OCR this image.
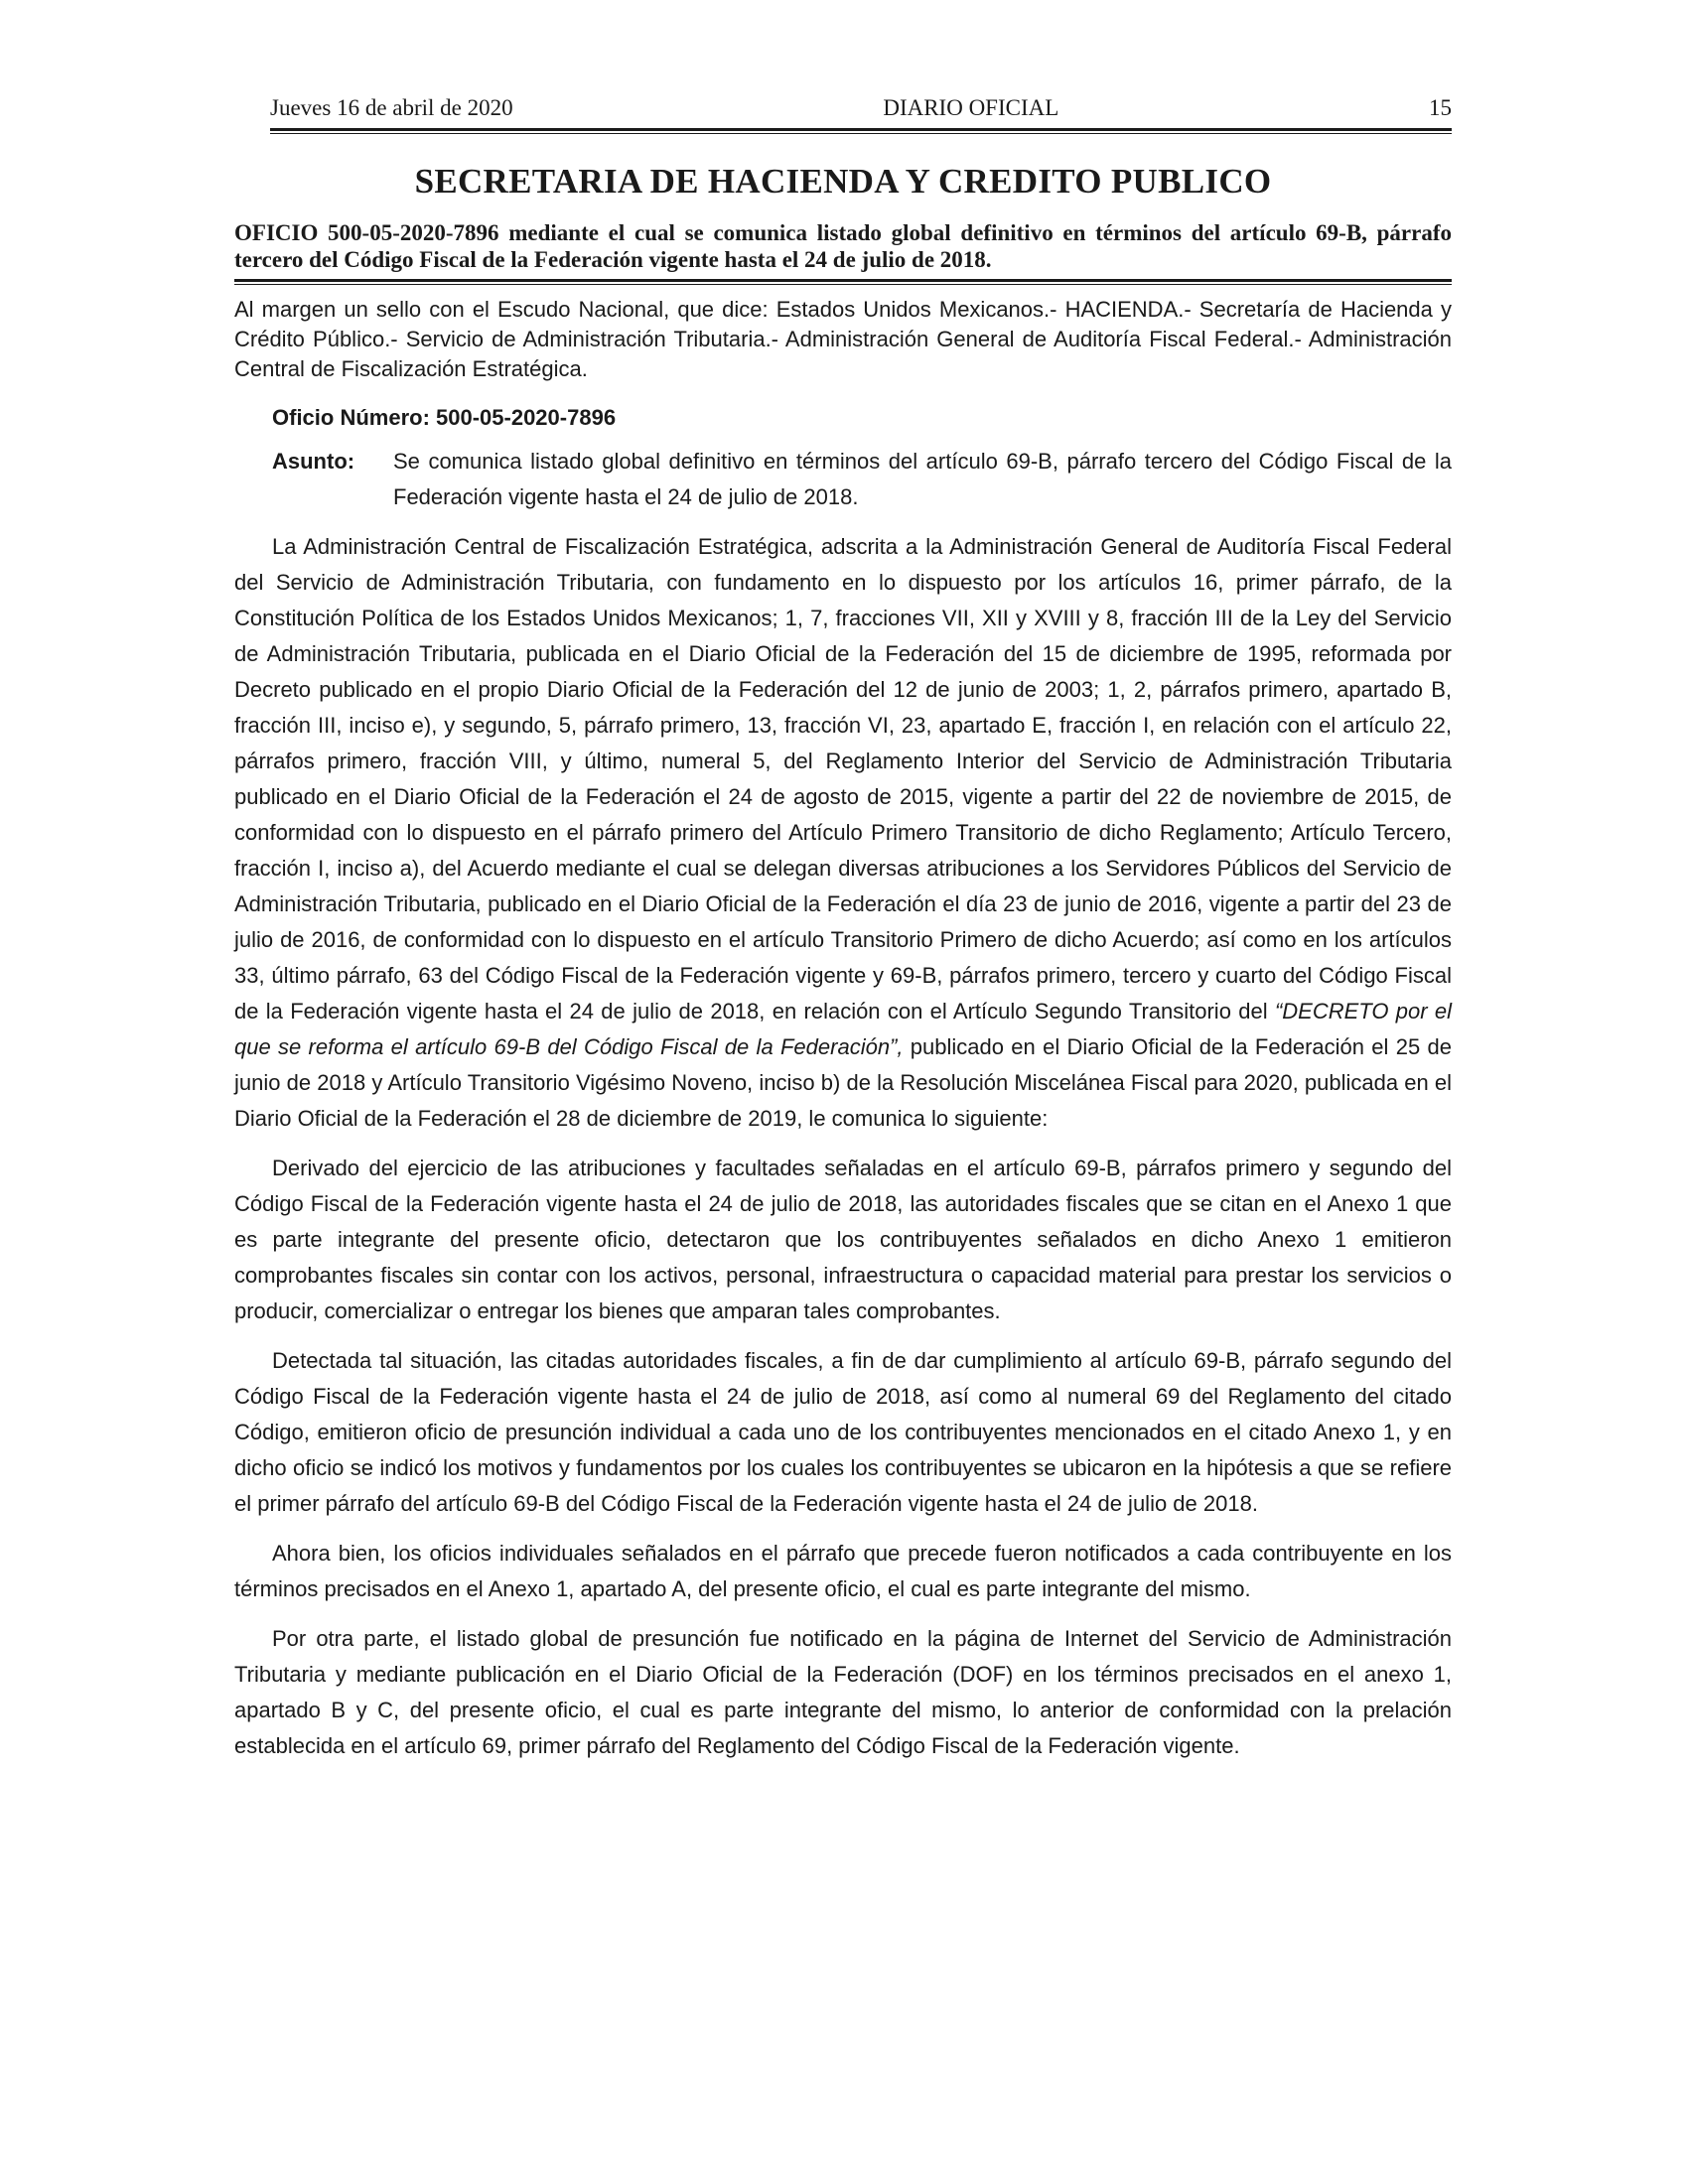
Jueves 16 de abril de 2020	DIARIO OFICIAL	15
SECRETARIA DE HACIENDA Y CREDITO PUBLICO
OFICIO 500-05-2020-7896 mediante el cual se comunica listado global definitivo en términos del artículo 69-B, párrafo tercero del Código Fiscal de la Federación vigente hasta el 24 de julio de 2018.

Al margen un sello con el Escudo Nacional, que dice: Estados Unidos Mexicanos.- HACIENDA.- Secretaría de Hacienda y Crédito Público.- Servicio de Administración Tributaria.- Administración General de Auditoría Fiscal Federal.- Administración Central de Fiscalización Estratégica.

Oficio Número: 500-05-2020-7896
Asunto:	Se comunica listado global definitivo en términos del artículo 69-B, párrafo tercero del Código Fiscal de la Federación vigente hasta el 24 de julio de 2018.

La Administración Central de Fiscalización Estratégica, adscrita a la Administración General de Auditoría Fiscal Federal del Servicio de Administración Tributaria, con fundamento en lo dispuesto por los artículos 16, primer párrafo, de la Constitución Política de los Estados Unidos Mexicanos; 1, 7, fracciones VII, XII y XVIII y 8, fracción III de la Ley del Servicio de Administración Tributaria, publicada en el Diario Oficial de la Federación del 15 de diciembre de 1995, reformada por Decreto publicado en el propio Diario Oficial de la Federación del 12 de junio de 2003; 1, 2, párrafos primero, apartado B, fracción III, inciso e), y segundo, 5, párrafo primero, 13, fracción VI, 23, apartado E, fracción I, en relación con el artículo 22, párrafos primero, fracción VIII, y último, numeral 5, del Reglamento Interior del Servicio de Administración Tributaria publicado en el Diario Oficial de la Federación el 24 de agosto de 2015, vigente a partir del 22 de noviembre de 2015, de conformidad con lo dispuesto en el párrafo primero del Artículo Primero Transitorio de dicho Reglamento; Artículo Tercero, fracción I, inciso a), del Acuerdo mediante el cual se delegan diversas atribuciones a los Servidores Públicos del Servicio de Administración Tributaria, publicado en el Diario Oficial de la Federación el día 23 de junio de 2016, vigente a partir del 23 de julio de 2016, de conformidad con lo dispuesto en el artículo Transitorio Primero de dicho Acuerdo; así como en los artículos 33, último párrafo, 63 del Código Fiscal de la Federación vigente y 69-B, párrafos primero, tercero y cuarto del Código Fiscal de la Federación vigente hasta el 24 de julio de 2018, en relación con el Artículo Segundo Transitorio del “DECRETO por el que se reforma el artículo 69-B del Código Fiscal de la Federación”, publicado en el Diario Oficial de la Federación el 25 de junio de 2018 y Artículo Transitorio Vigésimo Noveno, inciso b) de la Resolución Miscelánea Fiscal para 2020, publicada en el Diario Oficial de la Federación el 28 de diciembre de 2019, le comunica lo siguiente:

Derivado del ejercicio de las atribuciones y facultades señaladas en el artículo 69-B, párrafos primero y segundo del Código Fiscal de la Federación vigente hasta el 24 de julio de 2018, las autoridades fiscales que se citan en el Anexo 1 que es parte integrante del presente oficio, detectaron que los contribuyentes señalados en dicho Anexo 1 emitieron comprobantes fiscales sin contar con los activos, personal, infraestructura o capacidad material para prestar los servicios o producir, comercializar o entregar los bienes que amparan tales comprobantes.

Detectada tal situación, las citadas autoridades fiscales, a fin de dar cumplimiento al artículo 69-B, párrafo segundo del Código Fiscal de la Federación vigente hasta el 24 de julio de 2018, así como al numeral 69 del Reglamento del citado Código, emitieron oficio de presunción individual a cada uno de los contribuyentes mencionados en el citado Anexo 1, y en dicho oficio se indicó los motivos y fundamentos por los cuales los contribuyentes se ubicaron en la hipótesis a que se refiere el primer párrafo del artículo 69-B del Código Fiscal de la Federación vigente hasta el 24 de julio de 2018.

Ahora bien, los oficios individuales señalados en el párrafo que precede fueron notificados a cada contribuyente en los términos precisados en el Anexo 1, apartado A, del presente oficio, el cual es parte integrante del mismo.

Por otra parte, el listado global de presunción fue notificado en la página de Internet del Servicio de Administración Tributaria y mediante publicación en el Diario Oficial de la Federación (DOF) en los términos precisados en el anexo 1, apartado B y C, del presente oficio, el cual es parte integrante del mismo, lo anterior de conformidad con la prelación establecida en el artículo 69, primer párrafo del Reglamento del Código Fiscal de la Federación vigente.
